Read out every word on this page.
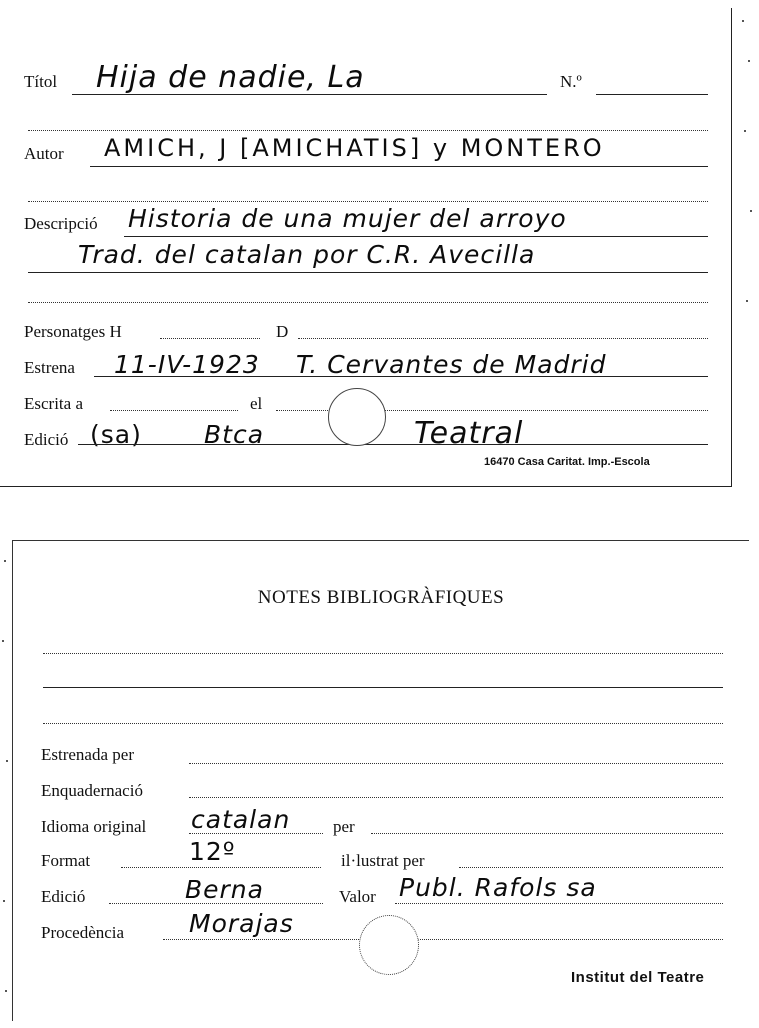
Títol Hija de nadie, La	N.º
Autor AMICH, J [AMICHATIS] y MONTERO
Descripció Historia de una mujer del arroyo
Trad. del catalan por C.R. Avecilla
Personatges H	D
Estrena 11-IV-1923 T. Cervantes de Madrid
Escrita a	el
Edició (sa) Btca	Teatral
16470 Casa Caritat. Imp.-Escola
NOTES BIBLIOGRÀFIQUES
Estrenada per
Enquadernació
Idioma original catalan	per
Format	12º	il·lustrat per
Edició	Berna	Valor Publ. Rafols sa
Procedència	Morajas
Institut del Teatre
